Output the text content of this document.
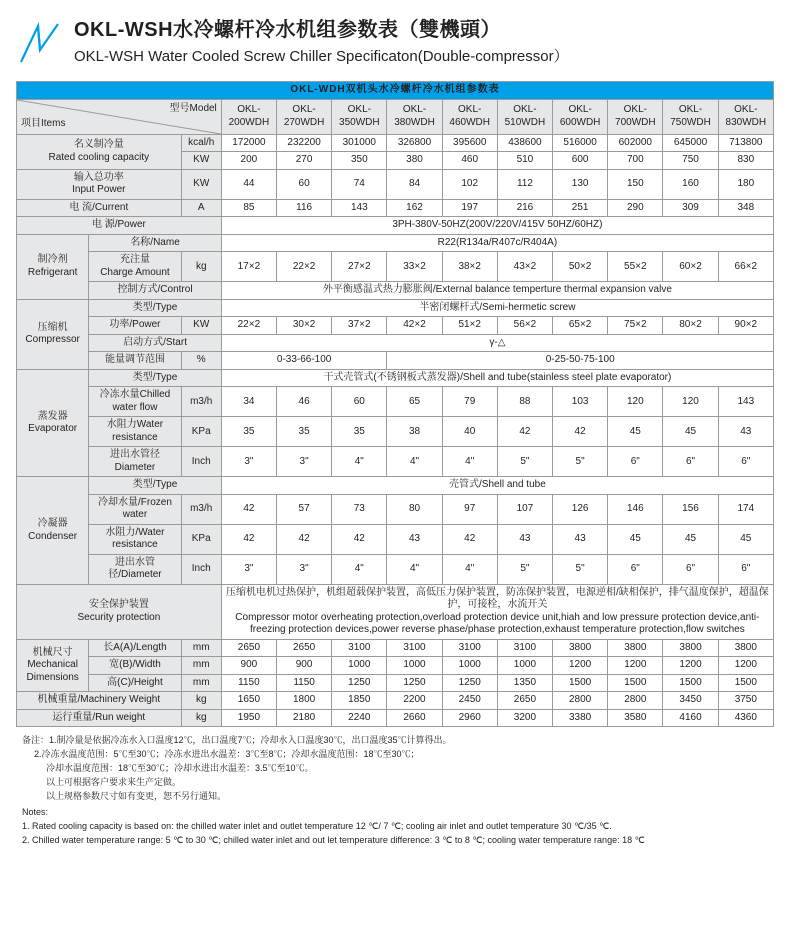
OKL-WSH水冷螺杆冷水机组参数表（雙機頭）
OKL-WSH Water Cooled Screw Chiller Specificaton(Double-compressor）
OKL-WDH双机头水冷螺杆冷水机组参数表												

项目Items
型号Model			OKL-200WDH	OKL-270WDH	OKL-350WDH	OKL-380WDH	OKL-460WDH	OKL-510WDH	OKL-600WDH	OKL-700WDH	OKL-750WDH	OKL-830WDH

名义制冷量
Rated cooling capacity		kcal/h	172000	232200	301000	326800	395600	438600	516000	602000	645000	713800
		KW	200	270	350	380	460	510	600	700	750	830

输入总功率
Input Power		KW	44	60	74	84	102	112	130	150	160	180
电 流/Current		A	85	116	143	162	197	216	251	290	309	348
电 源/Power			3PH-380V-50HZ(200V/220V/415V 50HZ/60HZ)									

制冷剂
Refrigerant	名称/Name		R22(R134a/R407c/R404A)									

	充注量
Charge Amount	kg	17×2	22×2	27×2	33×2	38×2	43×2	50×2	55×2	60×2	66×2
	控制方式/Control		外平衡感温式热力膨胀阀/External balance temperture thermal expansion valve									

压缩机
Compressor	类型/Type		半密闭螺杆式/Semi-hermetic screw									
	功率/Power	KW	22×2	30×2	37×2	42×2	51×2	56×2	65×2	75×2	80×2	90×2
	启动方式/Start		γ-△									
	能量调节范围	%	0-33-66-100			0-25-50-75-100						

蒸发器
Evaporator	类型/Type		干式壳管式(不锈钢板式蒸发器)/Shell and tube(stainless steel plate evaporator)									
	冷冻水量Chilled water flow	m3/h	34	46	60	65	79	88	103	120	120	143
	水阻力Water resistance	KPa	35	35	35	38	40	42	42	45	45	43
	进出水管径Diameter	Inch	3"	3"	4"	4"	4"	5"	5"	6"	6"	6"

冷凝器
Condenser	类型/Type		壳管式/Shell and tube									
	冷却水量/Frozen water	m3/h	42	57	73	80	97	107	126	146	156	174
	水阻力/Water resistance	KPa	42	42	42	43	42	43	43	45	45	45
	进出水管径/Diameter	Inch	3"	3"	4"	4"	4"	5"	5"	6"	6"	6"

安全保护装置
Security protection

压缩机电机过热保护，机组超载保护装置，高低压力保护装置，防冻保护装置，电源逆相/缺相保护，排气温度保护，超温保护，可接栓，水流开关
Compressor motor overheating protection,overload protection device unit,hiah and low pressure protection device,anti-freezing protection devices,power reverse phase/phase protection,exhaust temperature protection,flow switches

机械尺寸
Mechanical
Dimensions	长A(A)/Length	mm	2650	2650	3100	3100	3100	3100	3800	3800	3800	3800
	宽(B)/Width	mm	900	900	1000	1000	1000	1000	1200	1200	1200	1200
	高(C)/Height	mm	1150	1150	1250	1250	1250	1350	1500	1500	1500	1500
机械重量/Machinery Weight		kg	1650	1800	1850	2200	2450	2650	2800	2800	3450	3750
运行重量/Run weight		kg	1950	2180	2240	2660	2960	3200	3380	3580	4160	4360

备注：1.制冷量是依据冷冻水入口温度12℃，出口温度7℃；冷却水入口温度30℃，出口温度35℃计算得出。

2.冷冻水温度范围：5℃至30℃；冷冻水进出水温差：3℃至8℃；冷却水温度范围：18℃至30℃；

冷却水温度范围：18℃至30℃；冷却水进出水温差：3.5℃至10℃。

以上可根据客户要求来生产定做。

以上规格参数尺寸如有变更，恕不另行通知。

Notes:

1. Rated cooling capacity is based on: the chilled water inlet and outlet temperature 12 ℃/ 7 ℃; cooling air inlet and outlet temperature 30 ℃/35 ℃.

2. Chilled water temperature range: 5 ℃ to 30 ℃; chilled water inlet and out let temperature difference: 3 ℃ to 8 ℃; cooling water temperature range: 18 ℃
